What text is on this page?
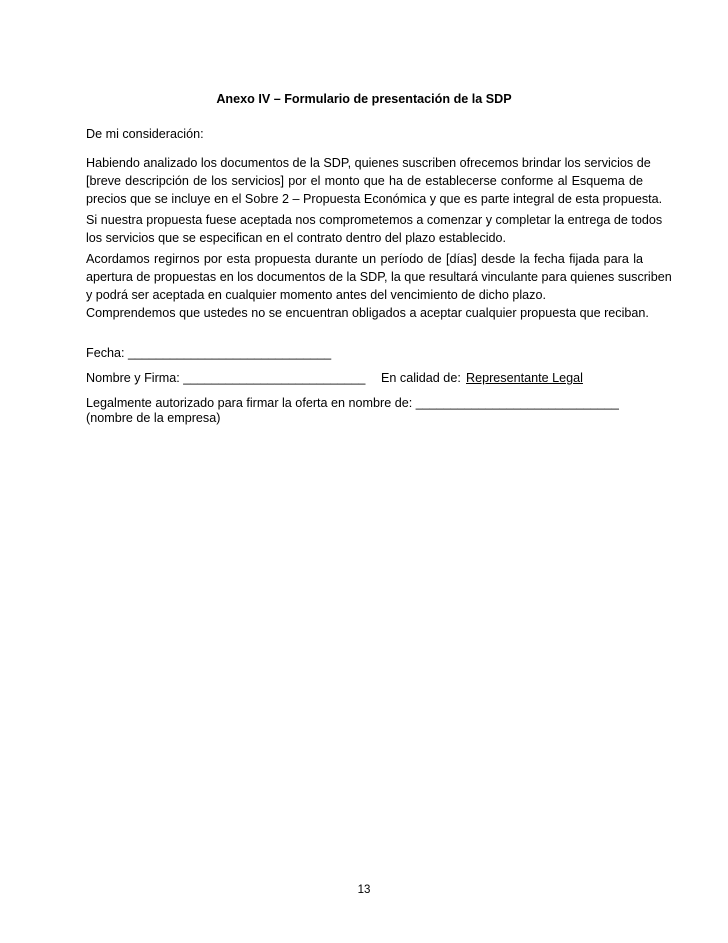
Anexo IV – Formulario de presentación de la SDP
De mi consideración:
Habiendo analizado los documentos de la SDP, quienes suscriben ofrecemos brindar los servicios de
[breve descripción de los servicios] por el monto que ha de establecerse conforme al Esquema de
precios que se incluye en el Sobre 2 – Propuesta Económica y que es parte integral de esta propuesta.
Si nuestra propuesta fuese aceptada nos comprometemos a comenzar y completar la entrega de todos
los servicios que se especifican en el contrato dentro del plazo establecido.
Acordamos regirnos por esta propuesta durante un período de [días] desde la fecha fijada para la
apertura de propuestas en los documentos de la SDP, la que resultará vinculante para quienes suscriben
y podrá ser aceptada en cualquier momento antes del vencimiento de dicho plazo.
Comprendemos que ustedes no se encuentran obligados a aceptar cualquier propuesta que reciban.
Fecha: _____________________________
Nombre y Firma: __________________________ En calidad de: Representante Legal
Legalmente autorizado para firmar la oferta en nombre de: _____________________________
(nombre de la empresa)
13
